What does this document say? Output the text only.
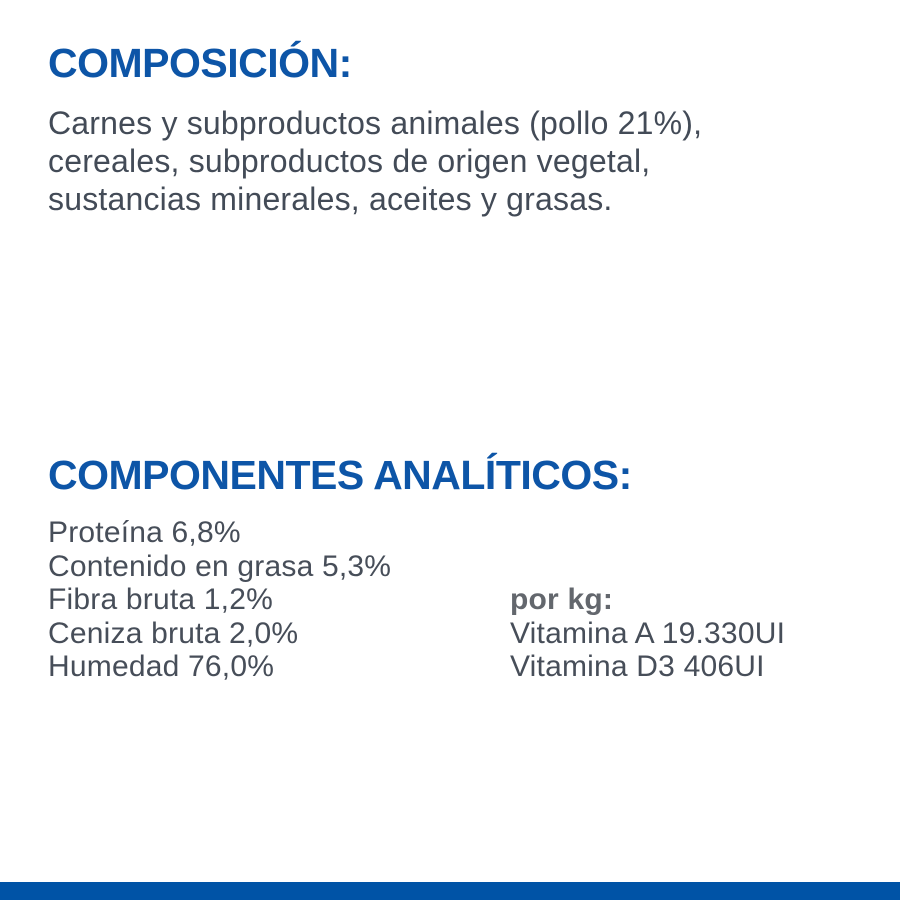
COMPOSICIÓN:
Carnes y subproductos animales (pollo 21%),
cereales, subproductos de origen vegetal,
sustancias minerales, aceites y grasas.
COMPONENTES ANALÍTICOS:
Proteína 6,8%
Contenido en grasa 5,3%
Fibra bruta 1,2%
Ceniza bruta 2,0%
Humedad 76,0%
por kg:
Vitamina A 19.330UI
Vitamina D3 406UI
